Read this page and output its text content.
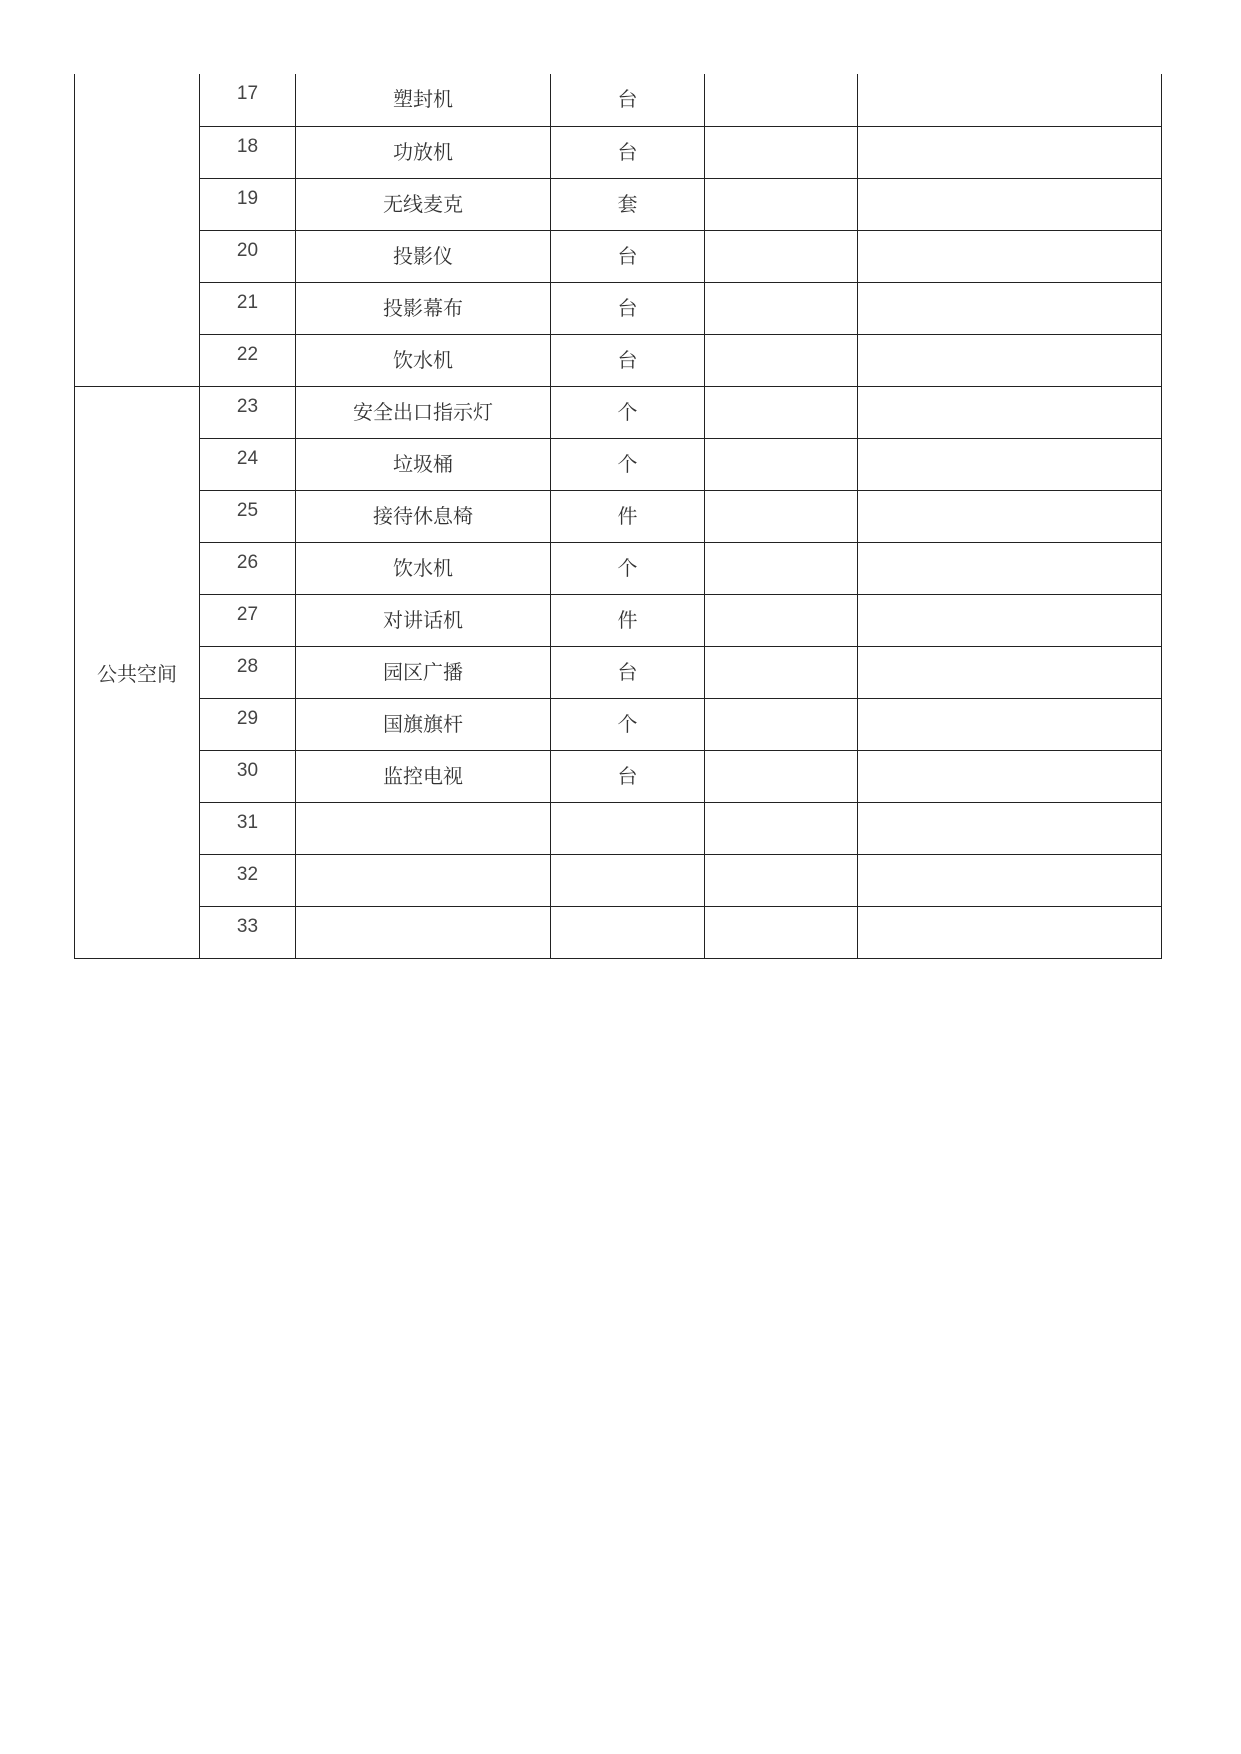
	17	塑封机	台		
	18	功放机	台		
	19	无线麦克	套		
	20	投影仪	台		
	21	投影幕布	台		
	22	饮水机	台		
公共空间	23	安全出口指示灯	个		
	24	垃圾桶	个		
	25	接待休息椅	件		
	26	饮水机	个		
	27	对讲话机	件		
	28	园区广播	台		
	29	国旗旗杆	个		
	30	监控电视	台		
	31				
	32				
	33				
